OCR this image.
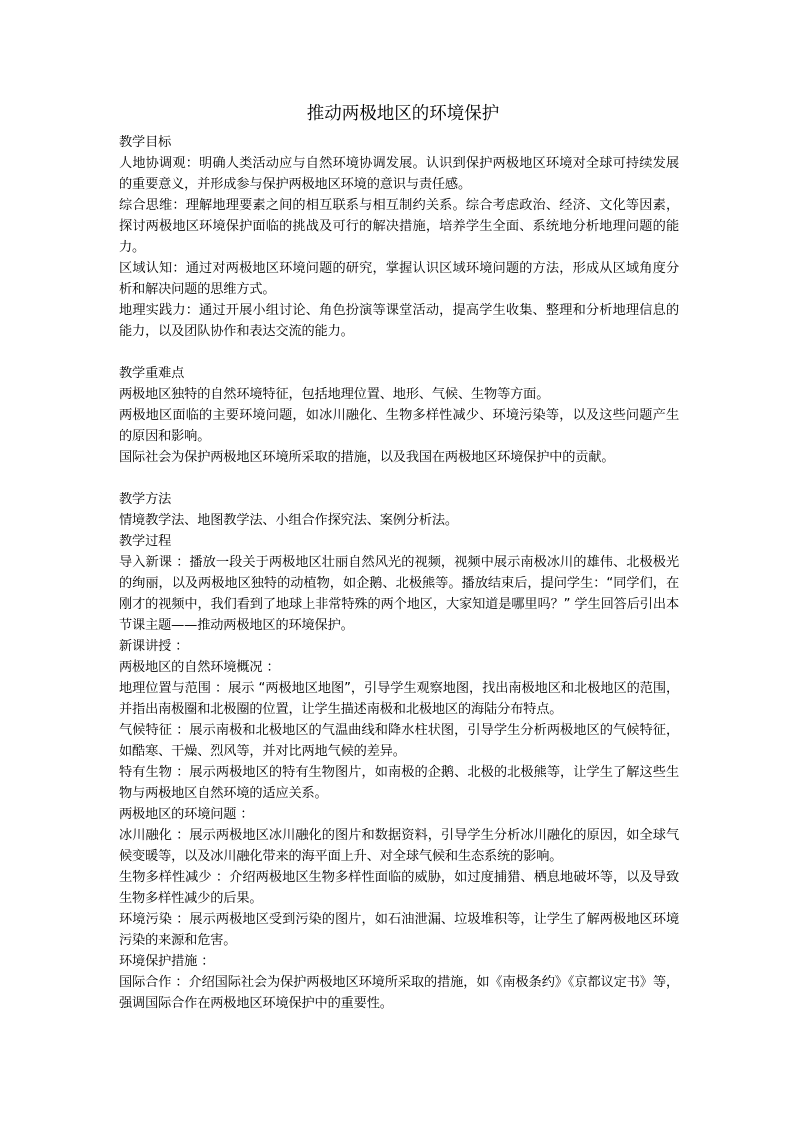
推动两极地区的环境保护

教学目标

人地协调观：明确人类活动应与自然环境协调发展。认识到保护两极地区环境对全球可持续发展的重要意义，并形成参与保护两极地区环境的意识与责任感。

综合思维：理解地理要素之间的相互联系与相互制约关系。综合考虑政治、经济、文化等因素，探讨两极地区环境保护面临的挑战及可行的解决措施，培养学生全面、系统地分析地理问题的能力。

区域认知：通过对两极地区环境问题的研究，掌握认识区域环境问题的方法，形成从区域角度分析和解决问题的思维方式。

地理实践力：通过开展小组讨论、角色扮演等课堂活动，提高学生收集、整理和分析地理信息的能力，以及团队协作和表达交流的能力。

教学重难点

两极地区独特的自然环境特征，包括地理位置、地形、气候、生物等方面。

两极地区面临的主要环境问题，如冰川融化、生物多样性减少、环境污染等，以及这些问题产生的原因和影响。

国际社会为保护两极地区环境所采取的措施，以及我国在两极地区环境保护中的贡献。

教学方法

情境教学法、地图教学法、小组合作探究法、案例分析法。

教学过程

导入新课 ：播放一段关于两极地区壮丽自然风光的视频，视频中展示南极冰川的雄伟、北极极光的绚丽，以及两极地区独特的动植物，如企鹅、北极熊等。播放结束后，提问学生：“同学们，在刚才的视频中，我们看到了地球上非常特殊的两个地区，大家知道是哪里吗？” 学生回答后引出本节课主题——推动两极地区的环境保护。

新课讲授 ：

两极地区的自然环境概况 ：

地理位置与范围 ：展示 “两极地区地图”，引导学生观察地图，找出南极地区和北极地区的范围，并指出南极圈和北极圈的位置，让学生描述南极和北极地区的海陆分布特点。

气候特征 ：展示南极和北极地区的气温曲线和降水柱状图，引导学生分析两极地区的气候特征，如酷寒、干燥、烈风等，并对比两地气候的差异。

特有生物 ：展示两极地区的特有生物图片，如南极的企鹅、北极的北极熊等，让学生了解这些生物与两极地区自然环境的适应关系。

两极地区的环境问题 ：

冰川融化 ：展示两极地区冰川融化的图片和数据资料，引导学生分析冰川融化的原因，如全球气候变暖等，以及冰川融化带来的海平面上升、对全球气候和生态系统的影响。

生物多样性减少 ：介绍两极地区生物多样性面临的威胁，如过度捕猎、栖息地破坏等，以及导致生物多样性减少的后果。

环境污染 ：展示两极地区受到污染的图片，如石油泄漏、垃圾堆积等，让学生了解两极地区环境污染的来源和危害。

环境保护措施 ：

国际合作 ：介绍国际社会为保护两极地区环境所采取的措施，如《南极条约》《京都议定书》等，强调国际合作在两极地区环境保护中的重要性。
